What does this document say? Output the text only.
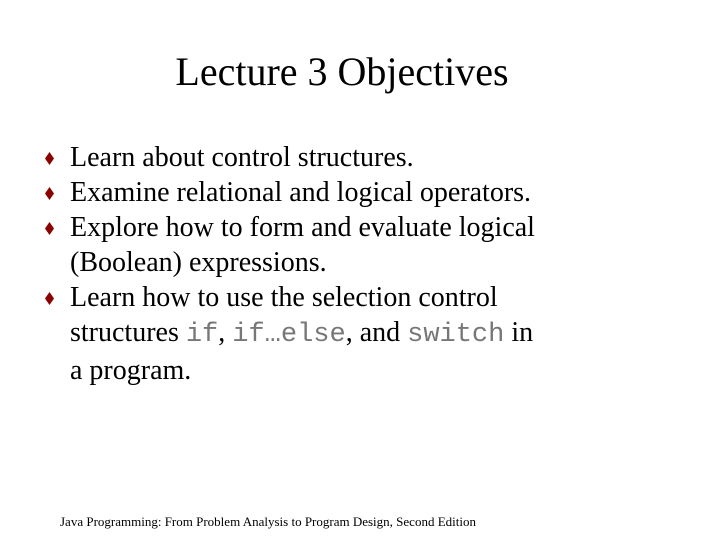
Lecture 3 Objectives
Learn about control structures.
Examine relational and logical operators.
Explore how to form and evaluate logical
(Boolean) expressions.
Learn how to use the selection control
structures if, if…else, and switch in
a program.
Java Programming: From Problem Analysis to Program Design, Second Edition
